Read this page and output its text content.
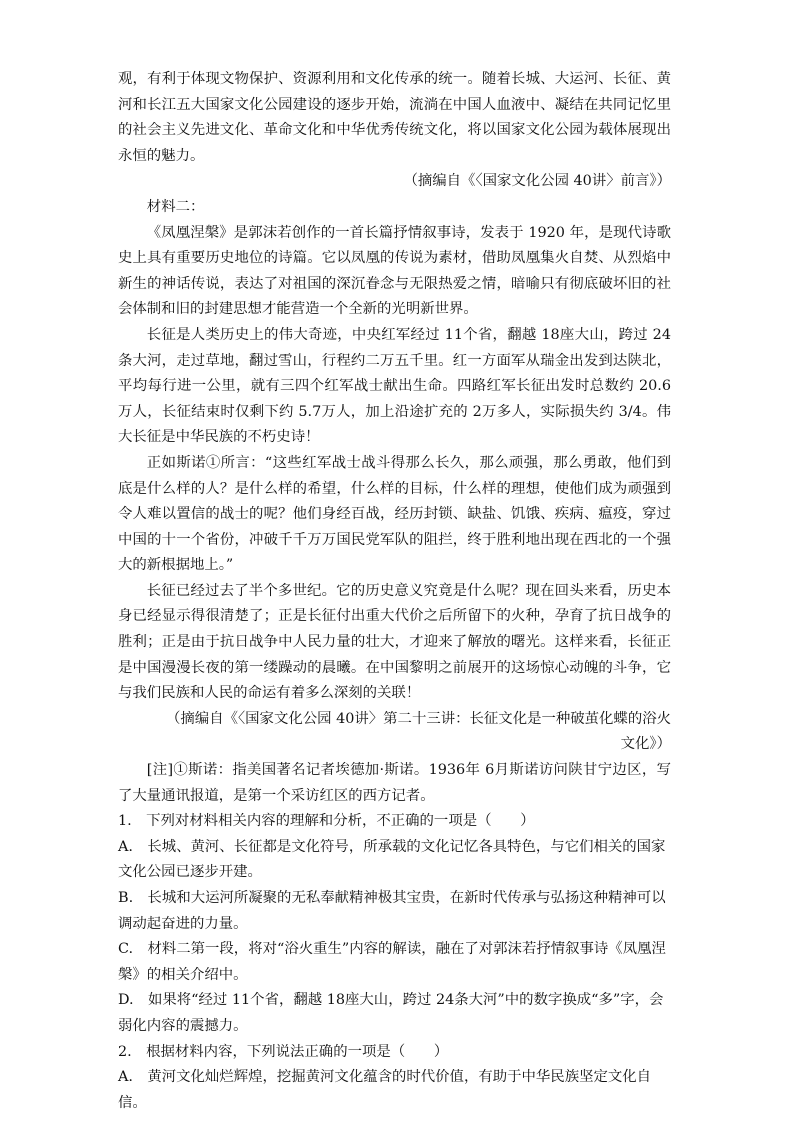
观，有利于体现文物保护、资源利用和文化传承的统一。随着长城、大运河、长征、黄河和长江五大国家文化公园建设的逐步开始，流淌在中国人血液中、凝结在共同记忆里的社会主义先进文化、革命文化和中华优秀传统文化，将以国家文化公园为载体展现出永恒的魅力。

（摘编自《〈国家文化公园 40讲〉前言》）

材料二：

《凤凰涅槃》是郭沫若创作的一首长篇抒情叙事诗，发表于 1920 年，是现代诗歌史上具有重要历史地位的诗篇。它以凤凰的传说为素材，借助凤凰集火自焚、从烈焰中新生的神话传说，表达了对祖国的深沉眷念与无限热爱之情，暗喻只有彻底破坏旧的社会体制和旧的封建思想才能营造一个全新的光明新世界。

长征是人类历史上的伟大奇迹，中央红军经过 11个省，翻越 18座大山，跨过 24条大河，走过草地，翻过雪山，行程约二万五千里。红一方面军从瑞金出发到达陕北，平均每行进一公里，就有三四个红军战士献出生命。四路红军长征出发时总数约 20.6万人，长征结束时仅剩下约 5.7万人，加上沿途扩充的 2万多人，实际损失约 3/4。伟大长征是中华民族的不朽史诗！

正如斯诺①所言：“这些红军战士战斗得那么长久，那么顽强，那么勇敢，他们到底是什么样的人？是什么样的希望，什么样的目标，什么样的理想，使他们成为顽强到令人难以置信的战士的呢？他们身经百战，经历封锁、缺盐、饥饿、疾病、瘟疫，穿过中国的十一个省份，冲破千千万万国民党军队的阻拦，终于胜利地出现在西北的一个强大的新根据地上。”

长征已经过去了半个多世纪。它的历史意义究竟是什么呢？现在回头来看，历史本身已经显示得很清楚了；正是长征付出重大代价之后所留下的火种，孕育了抗日战争的胜利；正是由于抗日战争中人民力量的壮大，才迎来了解放的曙光。这样来看，长征正是中国漫漫长夜的第一缕躁动的晨曦。在中国黎明之前展开的这场惊心动魄的斗争，它与我们民族和人民的命运有着多么深刻的关联！

（摘编自《〈国家文化公园 40讲〉第二十三讲：长征文化是一种破茧化蝶的浴火文化》）

[注]①斯诺：指美国著名记者埃德加·斯诺。1936年 6月斯诺访问陕甘宁边区，写了大量通讯报道，是第一个采访红区的西方记者。

1.　下列对材料相关内容的理解和分析，不正确的一项是（　　）

A.　长城、黄河、长征都是文化符号，所承载的文化记忆各具特色，与它们相关的国家文化公园已逐步开建。

B.　长城和大运河所凝聚的无私奉献精神极其宝贵，在新时代传承与弘扬这种精神可以调动起奋进的力量。

C.　材料二第一段，将对“浴火重生”内容的解读，融在了对郭沫若抒情叙事诗《凤凰涅槃》的相关介绍中。

D.　如果将“经过 11个省，翻越 18座大山，跨过 24条大河”中的数字换成“多”字，会弱化内容的震撼力。

2.　根据材料内容，下列说法正确的一项是（　　）

A.　黄河文化灿烂辉煌，挖掘黄河文化蕴含的时代价值，有助于中华民族坚定文化自信。
